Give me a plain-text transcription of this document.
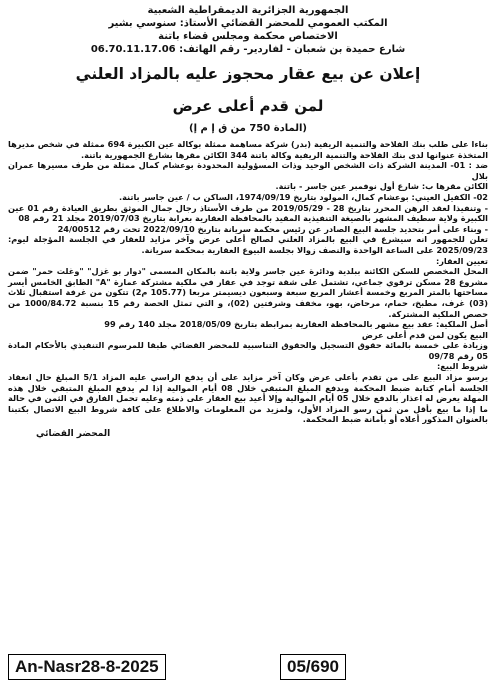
الجمهورية الجزائرية الديمقراطية الشعبية
المكتب العمومي للمحضر القضائي الأستاذ: سنوسي بشير
الاختصاص محكمة ومجلس قضاء باتنة
شارع حميدة بن شعبان - لفاردير- رقم الهاتف: 06.70.11.17.06
إعلان عن بيع عقار محجوز عليه بالمزاد العلني
لمن قدم أعلى عرض
(المادة 750 من ق إ م إ)

بناءا على طلب بنك الفلاحة والتنمية الريفية (بدر) شركة مساهمة ممثلة بوكالة عين الكبيرة 694 ممثلة في شخص مديرها المتخذة عنوانها لدى بنك الفلاحة والتنمية الريفية وكالة باتنة 344 الكائن مقرها بشارع الجمهورية باتنة.

ضد : 01- المدينة الشركة ذات الشخص الوحيد وذات المسؤولية المحدودة بوعشام كمال ممثلة من طرف مسيرها عمران بلال

الكائن مقرها ب: شارع أول نوفمبر عين جاسر - باتنة.

02- الكفيل العيني: بوعشام كمال، المولود بتاريخ 1974/09/19، الساكن ب / عين جاسر باتنة.

- وتنفيذا لعقد الرهن المحرر بتاريخ 28 - 2019/05/29 من طرف الأستاذ رجال جمال الموثق بطريق العيادة رقم 01 عين الكبيرة ولاية سطيف المشهر بالصيغة التنفيذية المقيد بالمحافظة العقارية بعرابة بتاريخ 2019/07/03 مجلد 21 رقم 08

- وبناء على أمر بتحديد جلسة البيع الصادر عن رئيس محكمة سريانة بتاريخ 2022/09/10 تحت رقم 24/00512

تعلن للجمهور انه سيشرع في البيع بالمزاد العلني لصالح أعلى عرض وآخر مزايد للعقار في الجلسة المؤجلة ليوم: 2025/09/23 على الساعة الواحدة والنصف زوالا بجلسة البيوع العقارية بمحكمة سريانة.

تعيين العقار:

المحل المخصص للسكن الكائنة ببلدية ودائرة عين جاسر ولاية باتنة بالمكان المسمى "دوار بو غزل" "وغلت حمر" ضمن مشروع 28 مسكن ترقوي جماعي، تشتمل على شقة توجد في عقار في ملكية مشتركة عمارة "A" الطابق الخامس أيسر مساحتها بالمتر المربع وخمسة أعشار المربع سبعة وسبعون ديسيمتر مربعا (105.77 م2) تتكون من غرفة استقبال ثلاث (03) غرف، مطبخ، حمام، مرحاض، بهو، مخفف وشرفتين (02)، و التي تمثل الحصة رقم 15 بنسبة 1000/84.72 من حصص الملكية المشتركة.

أصل الملكية: عقد بيع مشهر بالمحافظة العقارية بمرابطة بتاريخ 2018/05/09 مجلد 140 رقم 99

البيع يكون لمن قدم أعلى عرض

وزيادة على خمسة بالمائة حقوق التسجيل والحقوق التناسبية للمحضر القضائي طبقا للمرسوم التنفيذي بالأحكام المادة 05 رقم 09/78

شروط البيع:

يرسو مزاد البيع على من تقدم بأعلى عرض وكان آخر مزايد على أن يدفع الراسي عليه المزاد 5/1 المبلغ حال انعقاد الجلسة أمام كتابة ضبط المحكمة ويدفع المبلغ المتبقي خلال 08 أيام الموالية إذا لم يدفع المبلغ المتبقي خلال هذه المهلة يعرض له اعذار بالدفع خلال 05 أيام الموالية وإلا أعيد بيع العقار على ذمته وعليه تحمل الفارق في الثمن في حالة ما إذا ما بيع بأقل من ثمن رسو المزاد الأول، ولمزيد من المعلومات والاطلاع على كافة شروط البيع الاتصال بكتبنا بالعنوان المذكور أعلاه أو بأمانة ضبط المحكمة.

المحضر القضائي
An-Nasr28-8-2025	05/690
